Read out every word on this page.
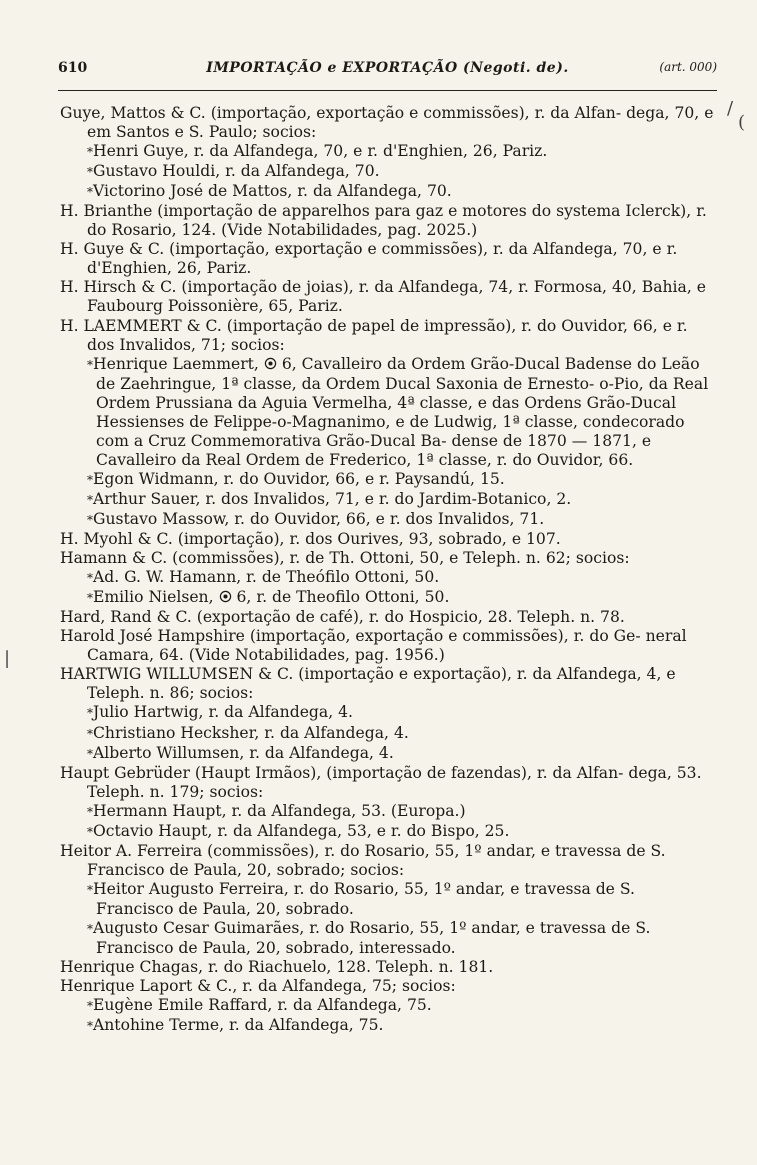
610	IMPORTAÇÃO e EXPORTAÇÃO (Negoti. de).	(art. 000)
/
(
|

Guye, Mattos & C. (importação, exportação e commissões), r. da Alfan- dega, 70, e em Santos e S. Paulo; socios:

*Henri Guye, r. da Alfandega, 70, e r. d'Enghien, 26, Pariz.

*Gustavo Houldi, r. da Alfandega, 70.

*Victorino José de Mattos, r. da Alfandega, 70.

H. Brianthe (importação de apparelhos para gaz e motores do systema Iclerck), r. do Rosario, 124. (Vide Notabilidades, pag. 2025.)

H. Guye & C. (importação, exportação e commissões), r. da Alfandega, 70, e r. d'Enghien, 26, Pariz.

H. Hirsch & C. (importação de joias), r. da Alfandega, 74, r. Formosa, 40, Bahia, e Faubourg Poissonière, 65, Pariz.

H. LAEMMERT & C. (importação de papel de impressão), r. do Ouvidor, 66, e r. dos Invalidos, 71; socios:

*Henrique Laemmert, 6, Cavalleiro da Ordem Grão-Ducal Badense do Leão de Zaehringue, 1ª classe, da Ordem Ducal Saxonia de Ernesto- o-Pio, da Real Ordem Prussiana da Aguia Vermelha, 4ª classe, e das Ordens Grão-Ducal Hessienses de Felippe-o-Magnanimo, e de Ludwig, 1ª classe, condecorado com a Cruz Commemorativa Grão-Ducal Ba- dense de 1870 — 1871, e Cavalleiro da Real Ordem de Frederico, 1ª classe, r. do Ouvidor, 66.

*Egon Widmann, r. do Ouvidor, 66, e r. Paysandú, 15.

*Arthur Sauer, r. dos Invalidos, 71, e r. do Jardim-Botanico, 2.

*Gustavo Massow, r. do Ouvidor, 66, e r. dos Invalidos, 71.

H. Myohl & C. (importação), r. dos Ourives, 93, sobrado, e 107.

Hamann & C. (commissões), r. de Th. Ottoni, 50, e Teleph. n. 62; socios:

*Ad. G. W. Hamann, r. de Theófilo Ottoni, 50.

*Emilio Nielsen, 6, r. de Theofilo Ottoni, 50.

Hard, Rand & C. (exportação de café), r. do Hospicio, 28. Teleph. n. 78.

Harold José Hampshire (importação, exportação e commissões), r. do Ge- neral Camara, 64. (Vide Notabilidades, pag. 1956.)

HARTWIG WILLUMSEN & C. (importação e exportação), r. da Alfandega, 4, e Teleph. n. 86; socios:

*Julio Hartwig, r. da Alfandega, 4.

*Christiano Hecksher, r. da Alfandega, 4.

*Alberto Willumsen, r. da Alfandega, 4.

Haupt Gebrüder (Haupt Irmãos), (importação de fazendas), r. da Alfan- dega, 53. Teleph. n. 179; socios:

*Hermann Haupt, r. da Alfandega, 53. (Europa.)

*Octavio Haupt, r. da Alfandega, 53, e r. do Bispo, 25.

Heitor A. Ferreira (commissões), r. do Rosario, 55, 1º andar, e travessa de S. Francisco de Paula, 20, sobrado; socios:

*Heitor Augusto Ferreira, r. do Rosario, 55, 1º andar, e travessa de S. Francisco de Paula, 20, sobrado.

*Augusto Cesar Guimarães, r. do Rosario, 55, 1º andar, e travessa de S. Francisco de Paula, 20, sobrado, interessado.

Henrique Chagas, r. do Riachuelo, 128. Teleph. n. 181.

Henrique Laport & C., r. da Alfandega, 75; socios:

*Eugène Emile Raffard, r. da Alfandega, 75.

*Antohine Terme, r. da Alfandega, 75.
